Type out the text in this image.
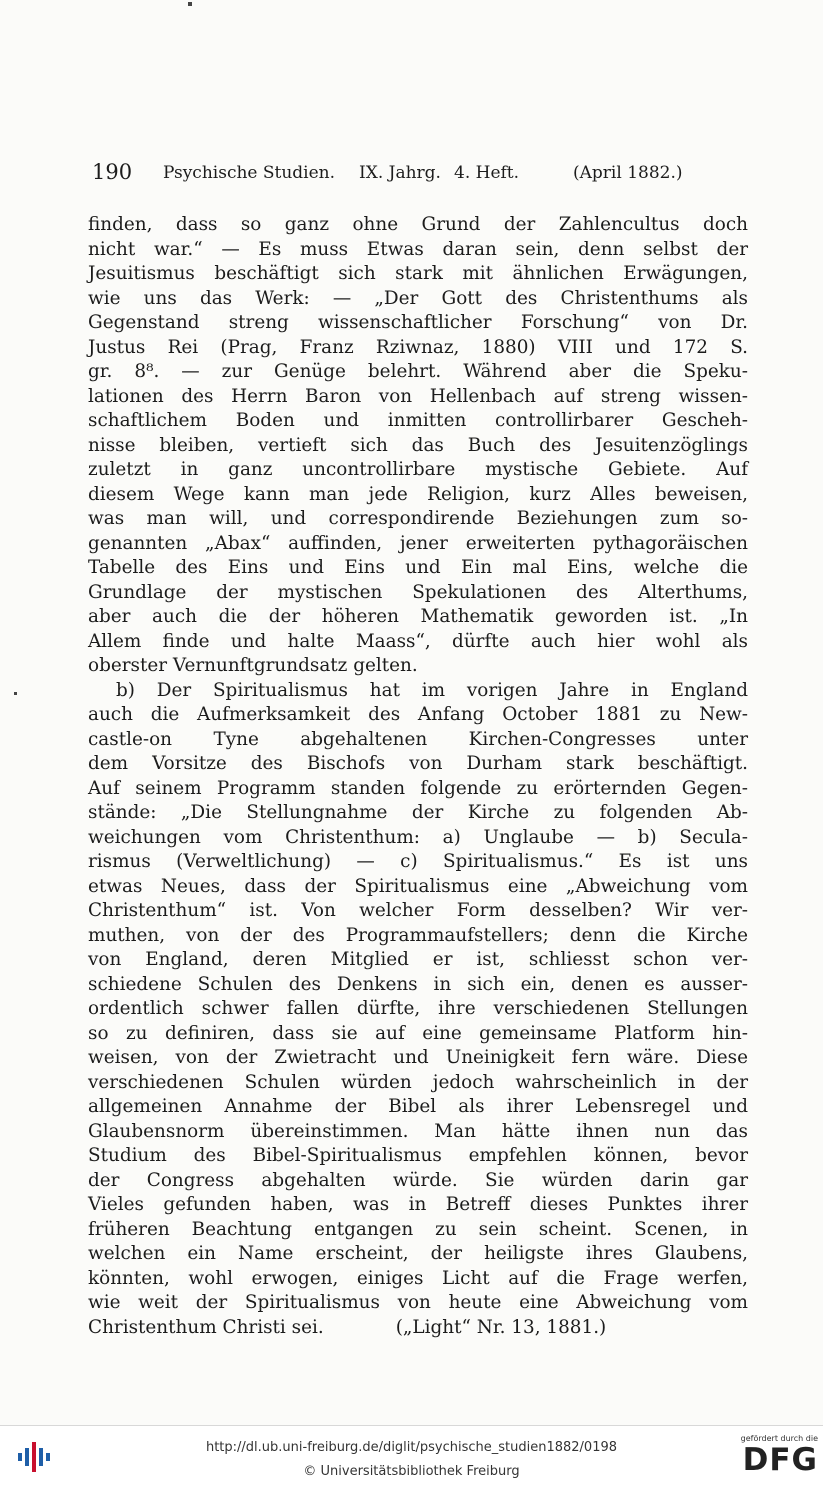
190 Psychische Studien. IX. Jahrg. 4. Heft.	(April 1882.)
finden, dass so ganz ohne Grund der Zahlencultus doch
nicht war.“ — Es muss Etwas daran sein, denn selbst der
Jesuitismus beschäftigt sich stark mit ähnlichen Erwägungen,
wie uns das Werk: — „Der Gott des Christenthums als
Gegenstand streng wissenschaftlicher Forschung“ von Dr.
Justus Rei (Prag, Franz Rziwnaz, 1880) VIII und 172 S.
gr. 8⁸. — zur Genüge belehrt. Während aber die Speku-
lationen des Herrn Baron von Hellenbach auf streng wissen-
schaftlichem Boden und inmitten controllirbarer Gescheh-
nisse bleiben, vertieft sich das Buch des Jesuitenzöglings
zuletzt in ganz uncontrollirbare mystische Gebiete. Auf
diesem Wege kann man jede Religion, kurz Alles beweisen,
was man will, und correspondirende Beziehungen zum so-
genannten „Abax“ auffinden, jener erweiterten pythagoräischen
Tabelle des Eins und Eins und Ein mal Eins, welche die
Grundlage der mystischen Spekulationen des Alterthums,
aber auch die der höheren Mathematik geworden ist. „In
Allem finde und halte Maass“, dürfte auch hier wohl als
oberster Vernunftgrundsatz gelten.
b) Der Spiritualismus hat im vorigen Jahre in England
auch die Aufmerksamkeit des Anfang October 1881 zu New-
castle-on Tyne abgehaltenen Kirchen-Congresses unter
dem Vorsitze des Bischofs von Durham stark beschäftigt.
Auf seinem Programm standen folgende zu erörternden Gegen-
stände: „Die Stellungnahme der Kirche zu folgenden Ab-
weichungen vom Christenthum: a) Unglaube — b) Secula-
rismus (Verweltlichung) — c) Spiritualismus.“ Es ist uns
etwas Neues, dass der Spiritualismus eine „Abweichung vom
Christenthum“ ist. Von welcher Form desselben? Wir ver-
muthen, von der des Programmaufstellers; denn die Kirche
von England, deren Mitglied er ist, schliesst schon ver-
schiedene Schulen des Denkens in sich ein, denen es ausser-
ordentlich schwer fallen dürfte, ihre verschiedenen Stellungen
so zu definiren, dass sie auf eine gemeinsame Platform hin-
weisen, von der Zwietracht und Uneinigkeit fern wäre. Diese
verschiedenen Schulen würden jedoch wahrscheinlich in der
allgemeinen Annahme der Bibel als ihrer Lebensregel und
Glaubensnorm übereinstimmen. Man hätte ihnen nun das
Studium des Bibel-Spiritualismus empfehlen können, bevor
der Congress abgehalten würde. Sie würden darin gar
Vieles gefunden haben, was in Betreff dieses Punktes ihrer
früheren Beachtung entgangen zu sein scheint. Scenen, in
welchen ein Name erscheint, der heiligste ihres Glaubens,
könnten, wohl erwogen, einiges Licht auf die Frage werfen,
wie weit der Spiritualismus von heute eine Abweichung vom
Christenthum Christi sei.	(„Light“ Nr. 13, 1881.)
http://dl.ub.uni-freiburg.de/diglit/psychische_studien1882/0198
© Universitätsbibliothek Freiburg
gefördert durch die
DFG
